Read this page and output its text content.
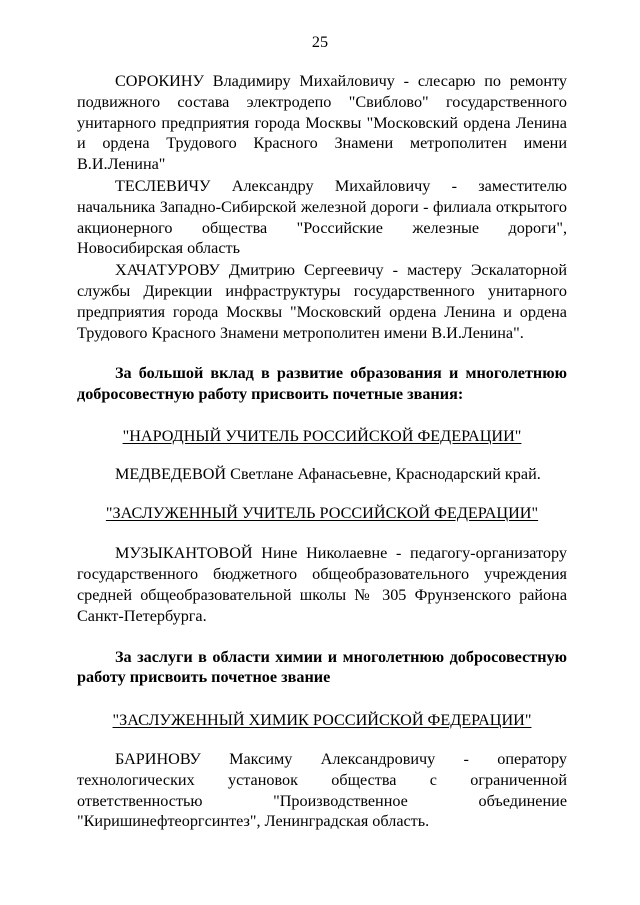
25

СОРОКИНУ Владимиру Михайловичу - слесарю по ремонту подвижного состава электродепо "Свиблово" государственного унитарного предприятия города Москвы "Московский ордена Ленина и ордена Трудового Красного Знамени метрополитен имени В.И.Ленина"

ТЕСЛЕВИЧУ Александру Михайловичу - заместителю начальника Западно-Сибирской железной дороги - филиала открытого акционерного общества "Российские железные дороги", Новосибирская область

ХАЧАТУРОВУ Дмитрию Сергеевичу - мастеру Эскалаторной службы Дирекции инфраструктуры государственного унитарного предприятия города Москвы "Московский ордена Ленина и ордена Трудового Красного Знамени метрополитен имени В.И.Ленина".

За большой вклад в развитие образования и многолетнюю добросовестную работу присвоить почетные звания:

"НАРОДНЫЙ УЧИТЕЛЬ РОССИЙСКОЙ ФЕДЕРАЦИИ"

МЕДВЕДЕВОЙ Светлане Афанасьевне, Краснодарский край.

"ЗАСЛУЖЕННЫЙ УЧИТЕЛЬ РОССИЙСКОЙ ФЕДЕРАЦИИ"

МУЗЫКАНТОВОЙ Нине Николаевне - педагогу-организатору государственного бюджетного общеобразовательного учреждения средней общеобразовательной школы № 305 Фрунзенского района Санкт-Петербурга.

За заслуги в области химии и многолетнюю добросовестную работу присвоить почетное звание

"ЗАСЛУЖЕННЫЙ ХИМИК РОССИЙСКОЙ ФЕДЕРАЦИИ"

БАРИНОВУ Максиму Александровичу - оператору технологических установок общества с ограниченной ответственностью "Производственное объединение "Киришинефтеоргсинтез", Ленинградская область.
